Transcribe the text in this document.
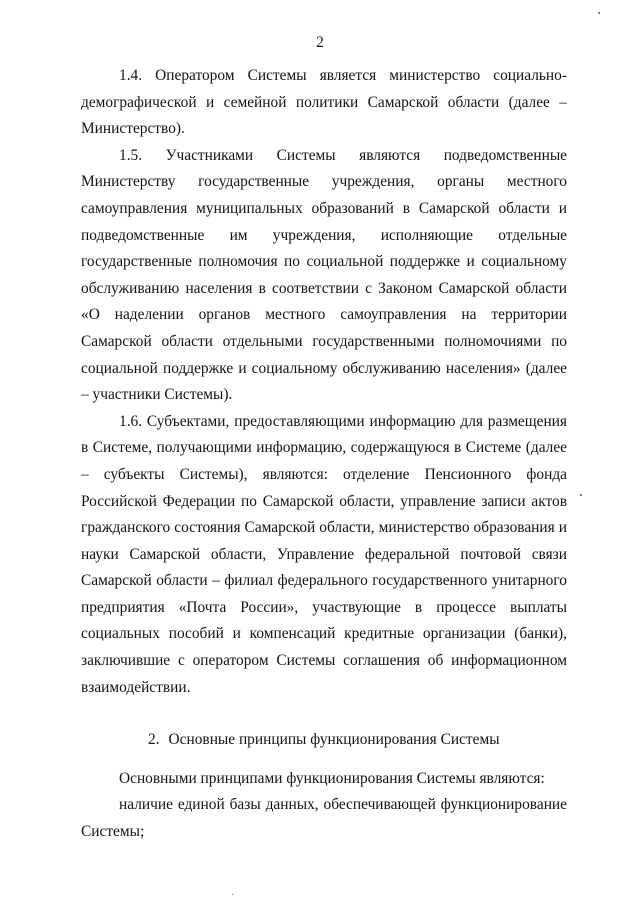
2

1.4. Оператором Системы является министерство социально-демографической и семейной политики Самарской области (далее – Министерство).

1.5. Участниками Системы являются подведомственные Министерству государственные учреждения, органы местного самоуправления муниципальных образований в Самарской области и подведомственные им учреждения, исполняющие отдельные государственные полномочия по социальной поддержке и социальному обслуживанию населения в соответствии с Законом Самарской области «О наделении органов местного самоуправления на территории Самарской области отдельными государственными полномочиями по социальной поддержке и социальному обслуживанию населения» (далее – участники Системы).

1.6. Субъектами, предоставляющими информацию для размещения в Системе, получающими информацию, содержащуюся в Системе (далее – субъекты Системы), являются: отделение Пенсионного фонда Российской Федерации по Самарской области, управление записи актов гражданского состояния Самарской области, министерство образования и науки Самарской области, Управление федеральной почтовой связи Самарской области – филиал федерального государственного унитарного предприятия «Почта России», участвующие в процессе выплаты социальных пособий и компенсаций кредитные организации (банки), заключившие с оператором Системы соглашения об информационном взаимодействии.

2. Основные принципы функционирования Системы

Основными принципами функционирования Системы являются:

наличие единой базы данных, обеспечивающей функционирование Системы;
